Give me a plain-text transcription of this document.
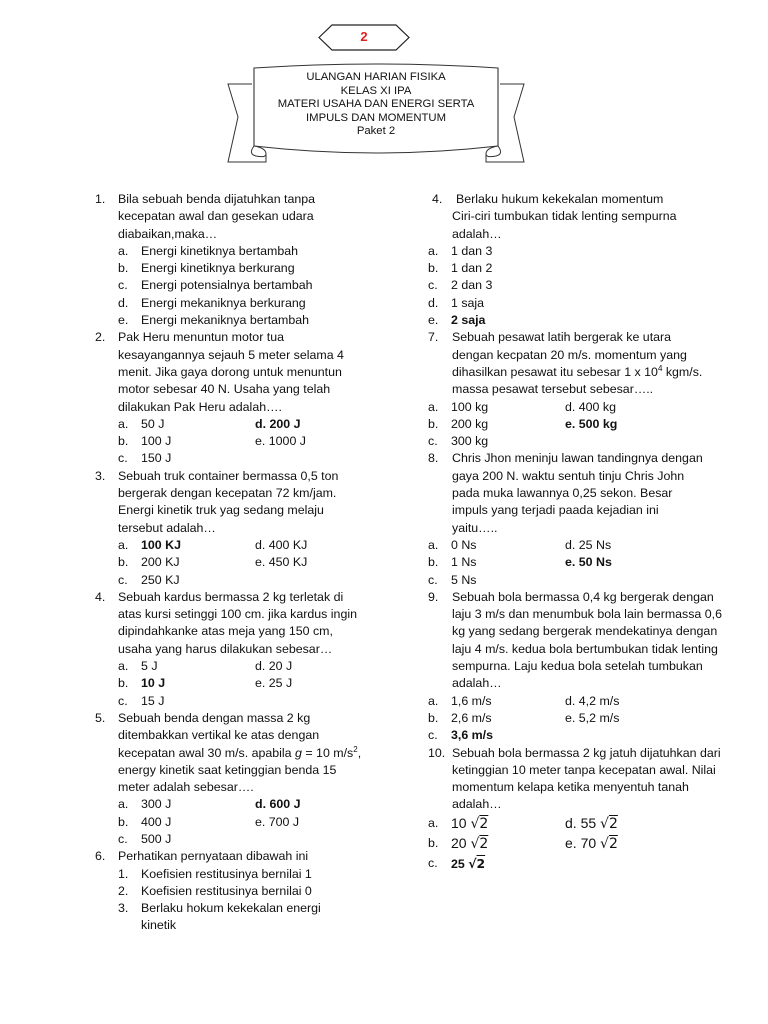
2
ULANGAN HARIAN FISIKA
KELAS XI IPA
MATERI USAHA DAN ENERGI SERTA
IMPULS DAN MOMENTUM
Paket 2
1. Bila sebuah benda dijatuhkan tanpa kecepatan awal dan gesekan udara diabaikan,maka…
a. Energi kinetiknya bertambah
b. Energi kinetiknya berkurang
c. Energi potensialnya bertambah
d. Energi mekaniknya berkurang
e. Energi mekaniknya bertambah
2. Pak Heru menuntun motor tua kesayangannya sejauh 5 meter selama 4 menit. Jika gaya dorong untuk menuntun motor sebesar 40 N. Usaha yang telah dilakukan Pak Heru adalah….
a. 50 J	d. 200 J
b. 100 J	e. 1000 J
c. 150 J
3. Sebuah truk container bermassa 0,5 ton bergerak dengan kecepatan 72 km/jam. Energi kinetik truk yag sedang melaju tersebut adalah…
a. 100 KJ	d. 400 KJ
b. 200 KJ	e. 450 KJ
c. 250 KJ
4. Sebuah kardus bermassa 2 kg terletak di atas kursi setinggi 100 cm. jika kardus ingin dipindahkanke atas meja yang 150 cm, usaha yang harus dilakukan sebesar…
a. 5 J	d. 20 J
b. 10 J	e. 25 J
c. 15 J
5. Sebuah benda dengan massa 2 kg ditembakkan vertikal ke atas dengan kecepatan awal 30 m/s. apabila g = 10 $m/s^2$, energy kinetik saat ketinggian benda 15 meter adalah sebesar….
a. 300 J	d. 600 J
b. 400 J	e. 700 J
c. 500 J
6. Perhatikan pernyataan dibawah ini
1. Koefisien restitusinya bernilai 1
2. Koefisien restitusinya bernilai 0
3. Berlaku hokum kekekalan energi kinetik
4. Berlaku hukum kekekalan momentum
Ciri-ciri tumbukan tidak lenting sempurna adalah…
a. 1 dan 3
b. 1 dan 2
c. 2 dan 3
d. 1 saja
e. 2 saja
7. Sebuah pesawat latih bergerak ke utara dengan kecpatan 20 m/s. momentum yang dihasilkan pesawat itu sebesar 1 x $10^4$ kgm/s. massa pesawat tersebut sebesar…..
a. 100 kg	d. 400 kg
b. 200 kg	e. 500 kg
c. 300 kg
8. Chris Jhon meninju lawan tandingnya dengan gaya 200 N. waktu sentuh tinju Chris John pada muka lawannya 0,25 sekon. Besar impuls yang terjadi paada kejadian ini yaitu…..
a. 0 Ns	d. 25 Ns
b. 1 Ns	e. 50 Ns
c. 5 Ns
9. Sebuah bola bermassa 0,4 kg bergerak dengan laju 3 m/s dan menumbuk bola lain bermassa 0,6 kg yang sedang bergerak mendekatinya dengan laju 4 m/s. kedua bola bertumbukan tidak lenting sempurna. Laju kedua bola setelah tumbukan adalah…
a. 1,6 m/s	d. 4,2 m/s
b. 2,6 m/s	e. 5,2 m/s
c. 3,6 m/s
10. Sebuah bola bermassa 2 kg jatuh dijatuhkan dari ketinggian 10 meter tanpa kecepatan awal. Nilai momentum kelapa ketika menyentuh tanah adalah…
a. 10 √2	d. 55 √2
b. 20 √2	e. 70 √2
c. 25 √2
